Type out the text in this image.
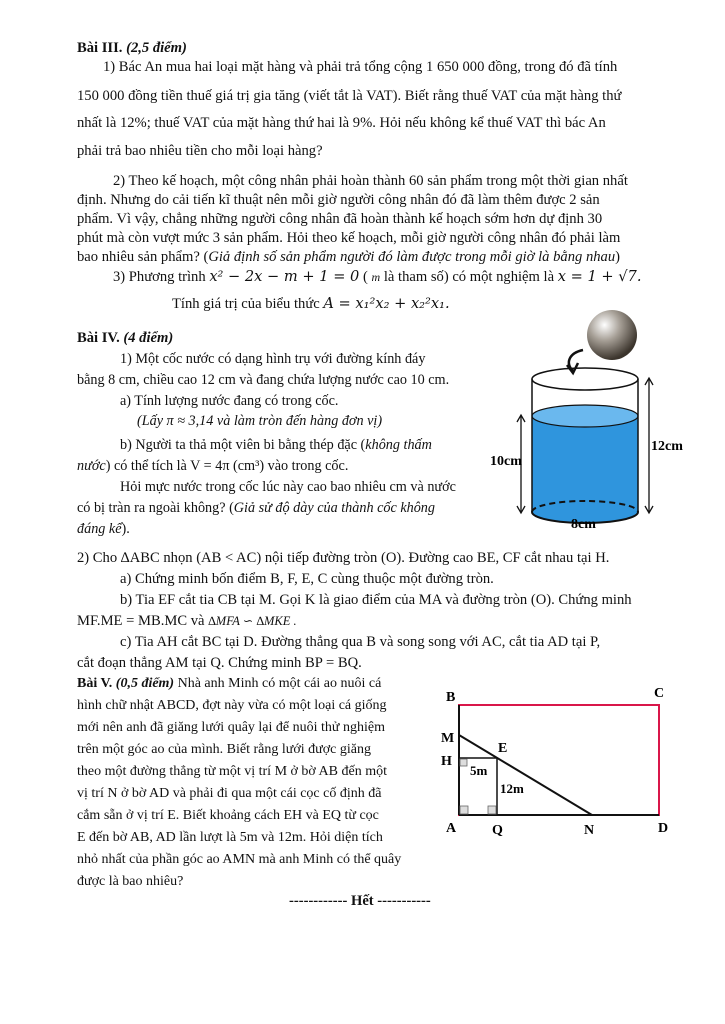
Bài III. (2,5 điểm)
1) Bác An mua hai loại mặt hàng và phải trả tổng cộng 1 650 000 đồng, trong đó đã tính
150 000 đồng tiền thuế giá trị gia tăng (viết tắt là VAT). Biết rằng thuế VAT của mặt hàng thứ
nhất là 12%; thuế VAT của mặt hàng thứ hai là 9%. Hỏi nếu không kể thuế VAT thì bác An
phải trả bao nhiêu tiền cho mỗi loại hàng?
2) Theo kế hoạch, một công nhân phải hoàn thành 60 sản phẩm trong một thời gian nhất
định. Nhưng do cải tiến kĩ thuật nên mỗi giờ người công nhân đó đã làm thêm được 2 sản
phẩm. Vì vậy, chẳng những người công nhân đã hoàn thành kế hoạch sớm hơn dự định 30
phút mà còn vượt mức 3 sản phẩm. Hỏi theo kế hoạch, mỗi giờ người công nhân đó phải làm
bao nhiêu sản phẩm? (Giả định số sản phẩm người đó làm được trong mỗi giờ là bằng nhau)
3) Phương trình x² − 2x − m + 1 = 0 ( m là tham số) có một nghiệm là x = 1 + √7.
Tính giá trị của biểu thức A = x₁²x₂ + x₂²x₁.
Bài IV. (4 điểm)
1) Một cốc nước có dạng hình trụ với đường kính đáy
bằng 8 cm, chiều cao 12 cm và đang chứa lượng nước cao 10 cm.
a) Tính lượng nước đang có trong cốc.
(Lấy π ≈ 3,14 và làm tròn đến hàng đơn vị)
b) Người ta thả một viên bi bằng thép đặc (không thấm
nước) có thể tích là V = 4π (cm³) vào trong cốc.
Hỏi mực nước trong cốc lúc này cao bao nhiêu cm và nước
có bị tràn ra ngoài không? (Giả sử độ dày của thành cốc không
đáng kể).
10cm
12cm
8cm
2) Cho ∆ABC nhọn (AB < AC) nội tiếp đường tròn (O). Đường cao BE, CF cắt nhau tại H.
a) Chứng minh bốn điểm B, F, E, C cùng thuộc một đường tròn.
b) Tia EF cắt tia CB tại M. Gọi K là giao điểm của MA và đường tròn (O). Chứng minh
MF.ME = MB.MC và ∆MFA ∽ ∆MKE .
c) Tia AH cắt BC tại D. Đường thẳng qua B và song song với AC, cắt tia AD tại P,
cắt đoạn thẳng AM tại Q. Chứng minh BP = BQ.
Bài V. (0,5 điểm) Nhà anh Minh có một cái ao nuôi cá
hình chữ nhật ABCD, đợt này vừa có một loại cá giống
mới nên anh đã giăng lưới quây lại để nuôi thử nghiệm
trên một góc ao của mình. Biết rằng lưới được giăng
theo một đường thẳng từ một vị trí M ở bờ AB đến một
vị trí N ở bờ AD và phải đi qua một cái cọc cố định đã
cắm sẵn ở vị trí E. Biết khoảng cách EH và EQ từ cọc
E đến bờ AB, AD lần lượt là 5m và 12m. Hỏi diện tích
nhỏ nhất của phần góc ao AMN mà anh Minh có thể quây
được là bao nhiêu?
B	C
M
E
H
5m
12m
A	Q	N	D
------------ Hết -----------
